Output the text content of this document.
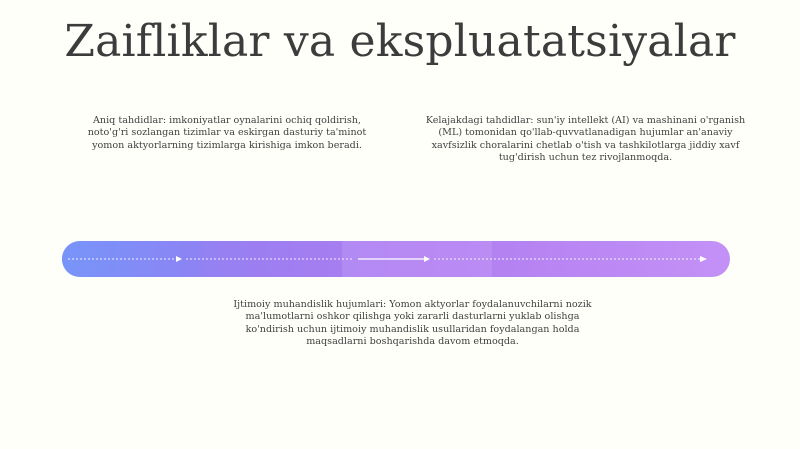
Zaifliklar va ekspluatatsiyalar

Aniq tahdidlar: imkoniyatlar oynalarini ochiq qoldirish, noto'g'ri sozlangan tizimlar va eskirgan dasturiy ta'minot yomon aktyorlarning tizimlarga kirishiga imkon beradi.

Kelajakdagi tahdidlar: sun'iy intellekt (AI) va mashinani o'rganish (ML) tomonidan qo'llab-quvvatlanadigan hujumlar an'anaviy xavfsizlik choralarini chetlab o'tish va tashkilotlarga jiddiy xavf tug'dirish uchun tez rivojlanmoqda.

Ijtimoiy muhandislik hujumlari: Yomon aktyorlar foydalanuvchilarni nozik ma'lumotlarni oshkor qilishga yoki zararli dasturlarni yuklab olishga ko'ndirish uchun ijtimoiy muhandislik usullaridan foydalangan holda maqsadlarni boshqarishda davom etmoqda.
